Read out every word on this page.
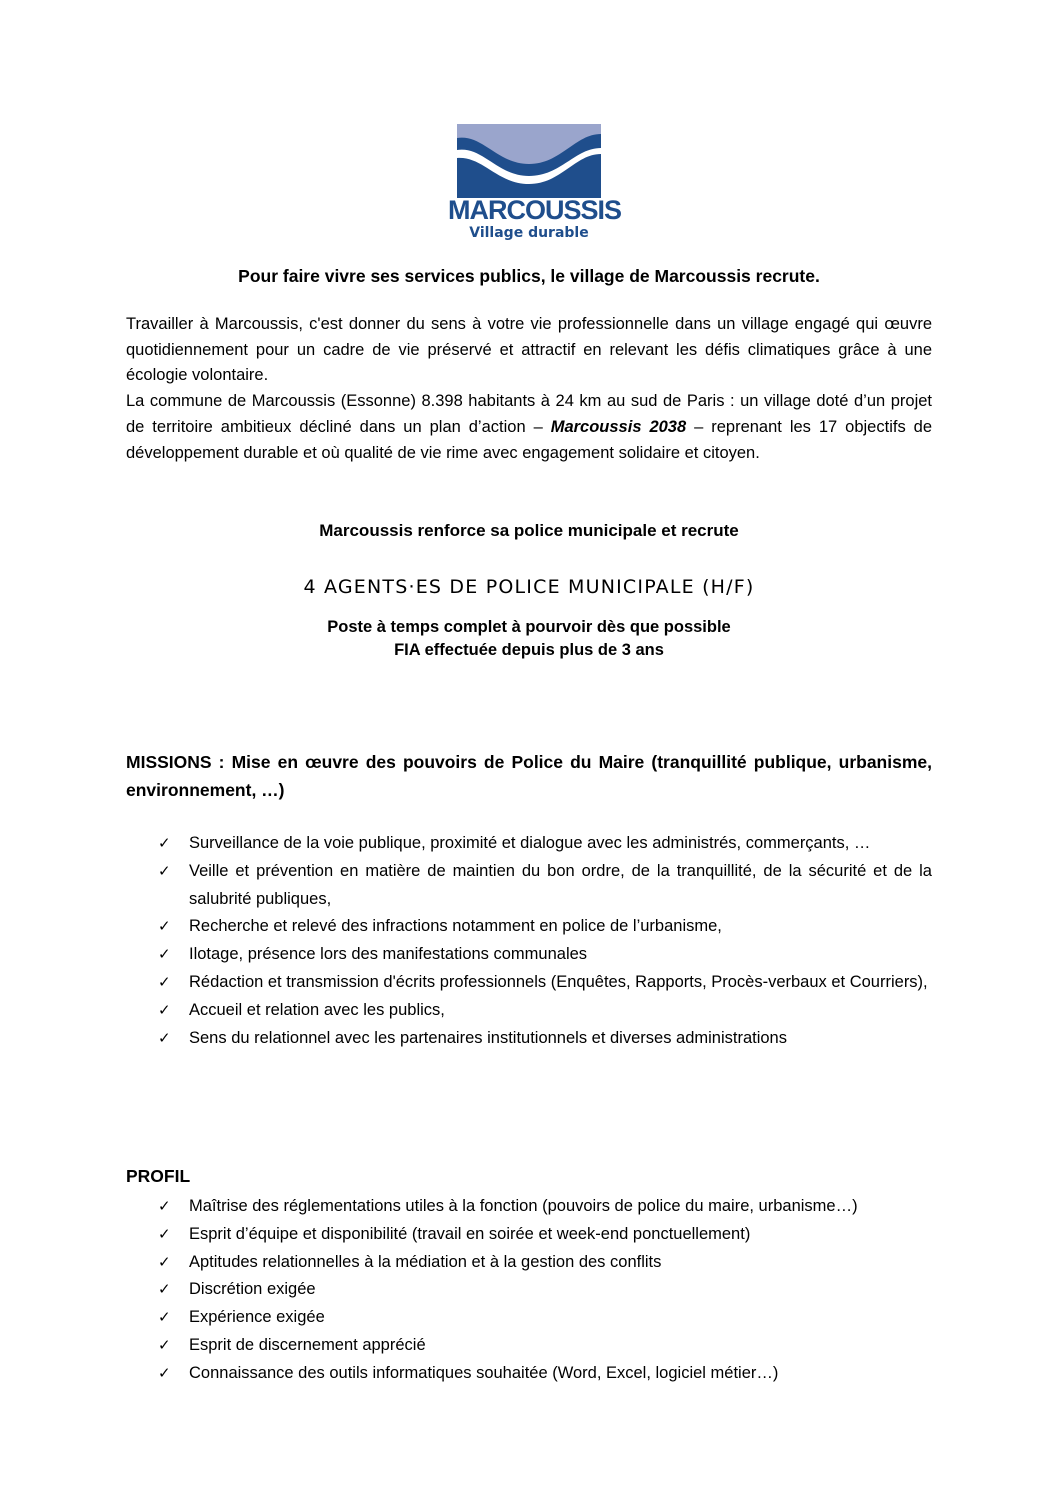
MARCOUSSIS
Village durable
Pour faire vivre ses services publics, le village de Marcoussis recrute.

Travailler à Marcoussis, c'est donner du sens à votre vie professionnelle dans un village engagé qui œuvre quotidiennement pour un cadre de vie préservé et attractif en relevant les défis climatiques grâce à une écologie volontaire.

La commune de Marcoussis (Essonne) 8.398 habitants à 24 km au sud de Paris : un village doté d’un projet de territoire ambitieux décliné dans un plan d’action – Marcoussis 2038 – reprenant les 17 objectifs de développement durable et où qualité de vie rime avec engagement solidaire et citoyen.

Marcoussis renforce sa police municipale et recrute
4 AGENTS·ES DE POLICE MUNICIPALE (H/F)
Poste à temps complet à pourvoir dès que possible
FIA effectuée depuis plus de 3 ans
MISSIONS : Mise en œuvre des pouvoirs de Police du Maire (tranquillité publique, urbanisme, environnement, …)
✓ Surveillance de la voie publique, proximité et dialogue avec les administrés, commerçants, …
✓ Veille et prévention en matière de maintien du bon ordre, de la tranquillité, de la sécurité et de la salubrité publiques,
✓ Recherche et relevé des infractions notamment en police de l’urbanisme,
✓ Ilotage, présence lors des manifestations communales
✓ Rédaction et transmission d'écrits professionnels (Enquêtes, Rapports, Procès-verbaux et Courriers),
✓ Accueil et relation avec les publics,
✓ Sens du relationnel avec les partenaires institutionnels et diverses administrations
PROFIL
✓ Maîtrise des réglementations utiles à la fonction (pouvoirs de police du maire, urbanisme…)
✓ Esprit d’équipe et disponibilité (travail en soirée et week-end ponctuellement)
✓ Aptitudes relationnelles à la médiation et à la gestion des conflits
✓ Discrétion exigée
✓ Expérience exigée
✓ Esprit de discernement apprécié
✓ Connaissance des outils informatiques souhaitée (Word, Excel, logiciel métier…)
